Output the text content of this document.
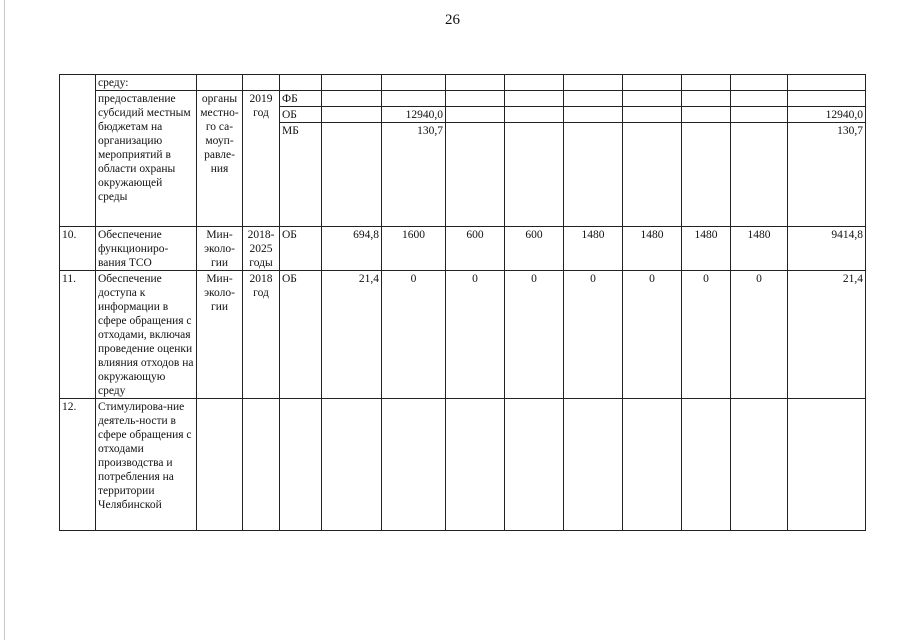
26
	среду:												
	предоставление субсидий местным бюджетам на организацию мероприятий в области охраны окружающей среды	органы местно-го са-моуп-равле-ния	2019 год	ФБ									
				ОБ		12940,0							12940,0
				МБ		130,7							130,7
10.	Обеспечение функциониро-вания ТСО	Мин-эколо-гии	2018-2025 годы	ОБ	694,8	1600	600	600	1480	1480	1480	1480	9414,8
11.	Обеспечение доступа к информации в сфере обращения с отходами, включая проведение оценки влияния отходов на окружающую среду	Мин-эколо-гии	2018 год	ОБ	21,4	0	0	0	0	0	0	0	21,4
12.	Стимулирова-ние деятель-ности в сфере обращения с отходами производства и потребления на территории Челябинской												
